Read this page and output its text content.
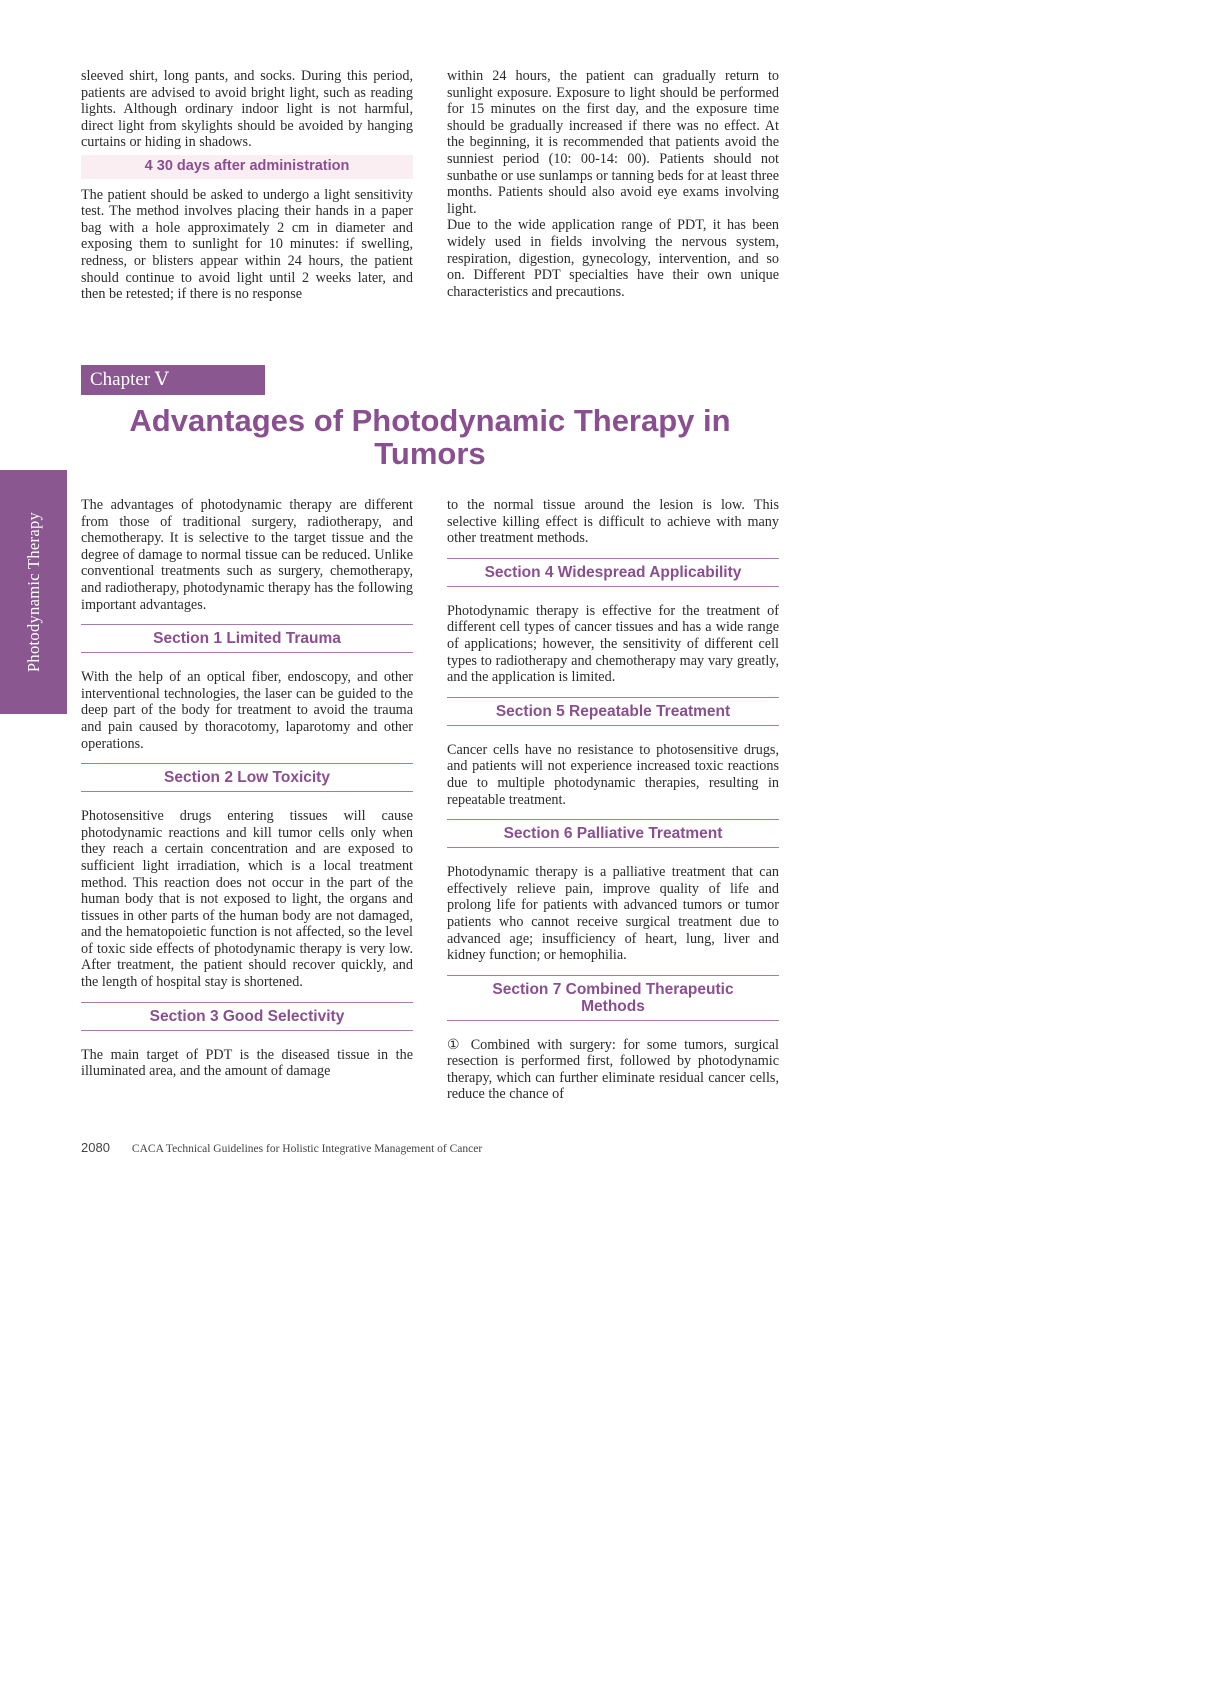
sleeved shirt, long pants, and socks. During this period, patients are advised to avoid bright light, such as reading lights. Although ordinary indoor light is not harmful, direct light from skylights should be avoided by hanging curtains or hiding in shadows.

4 30 days after administration

The patient should be asked to undergo a light sensitivity test. The method involves placing their hands in a paper bag with a hole approximately 2 cm in diameter and exposing them to sunlight for 10 minutes: if swelling, redness, or blisters appear within 24 hours, the patient should continue to avoid light until 2 weeks later, and then be retested; if there is no response

within 24 hours, the patient can gradually return to sunlight exposure. Exposure to light should be performed for 15 minutes on the first day, and the exposure time should be gradually increased if there was no effect. At the beginning, it is recommended that patients avoid the sunniest period (10: 00-14: 00). Patients should not sunbathe or use sunlamps or tanning beds for at least three months. Patients should also avoid eye exams involving light.

Due to the wide application range of PDT, it has been widely used in fields involving the nervous system, respiration, digestion, gynecology, intervention, and so on. Different PDT specialties have their own unique characteristics and precautions.

Chapter Ⅴ
Advantages of Photodynamic Therapy in Tumors
Photodynamic Therapy

The advantages of photodynamic therapy are different from those of traditional surgery, radiotherapy, and chemotherapy. It is selective to the target tissue and the degree of damage to normal tissue can be reduced. Unlike conventional treatments such as surgery, chemotherapy, and radiotherapy, photodynamic therapy has the following important advantages.

Section 1 Limited Trauma

With the help of an optical fiber, endoscopy, and other interventional technologies, the laser can be guided to the deep part of the body for treatment to avoid the trauma and pain caused by thoracotomy, laparotomy and other operations.

Section 2 Low Toxicity

Photosensitive drugs entering tissues will cause photodynamic reactions and kill tumor cells only when they reach a certain concentration and are exposed to sufficient light irradiation, which is a local treatment method. This reaction does not occur in the part of the human body that is not exposed to light, the organs and tissues in other parts of the human body are not damaged, and the hematopoietic function is not affected, so the level of toxic side effects of photodynamic therapy is very low. After treatment, the patient should recover quickly, and the length of hospital stay is shortened.

Section 3 Good Selectivity

The main target of PDT is the diseased tissue in the illuminated area, and the amount of damage

to the normal tissue around the lesion is low. This selective killing effect is difficult to achieve with many other treatment methods.

Section 4 Widespread Applicability

Photodynamic therapy is effective for the treatment of different cell types of cancer tissues and has a wide range of applications; however, the sensitivity of different cell types to radiotherapy and chemotherapy may vary greatly, and the application is limited.

Section 5 Repeatable Treatment

Cancer cells have no resistance to photosensitive drugs, and patients will not experience increased toxic reactions due to multiple photodynamic therapies, resulting in repeatable treatment.

Section 6 Palliative Treatment

Photodynamic therapy is a palliative treatment that can effectively relieve pain, improve quality of life and prolong life for patients with advanced tumors or tumor patients who cannot receive surgical treatment due to advanced age; insufficiency of heart, lung, liver and kidney function; or hemophilia.

Section 7 Combined Therapeutic Methods

① Combined with surgery: for some tumors, surgical resection is performed first, followed by photodynamic therapy, which can further eliminate residual cancer cells, reduce the chance of

2080 CACA Technical Guidelines for Holistic Integrative Management of Cancer
